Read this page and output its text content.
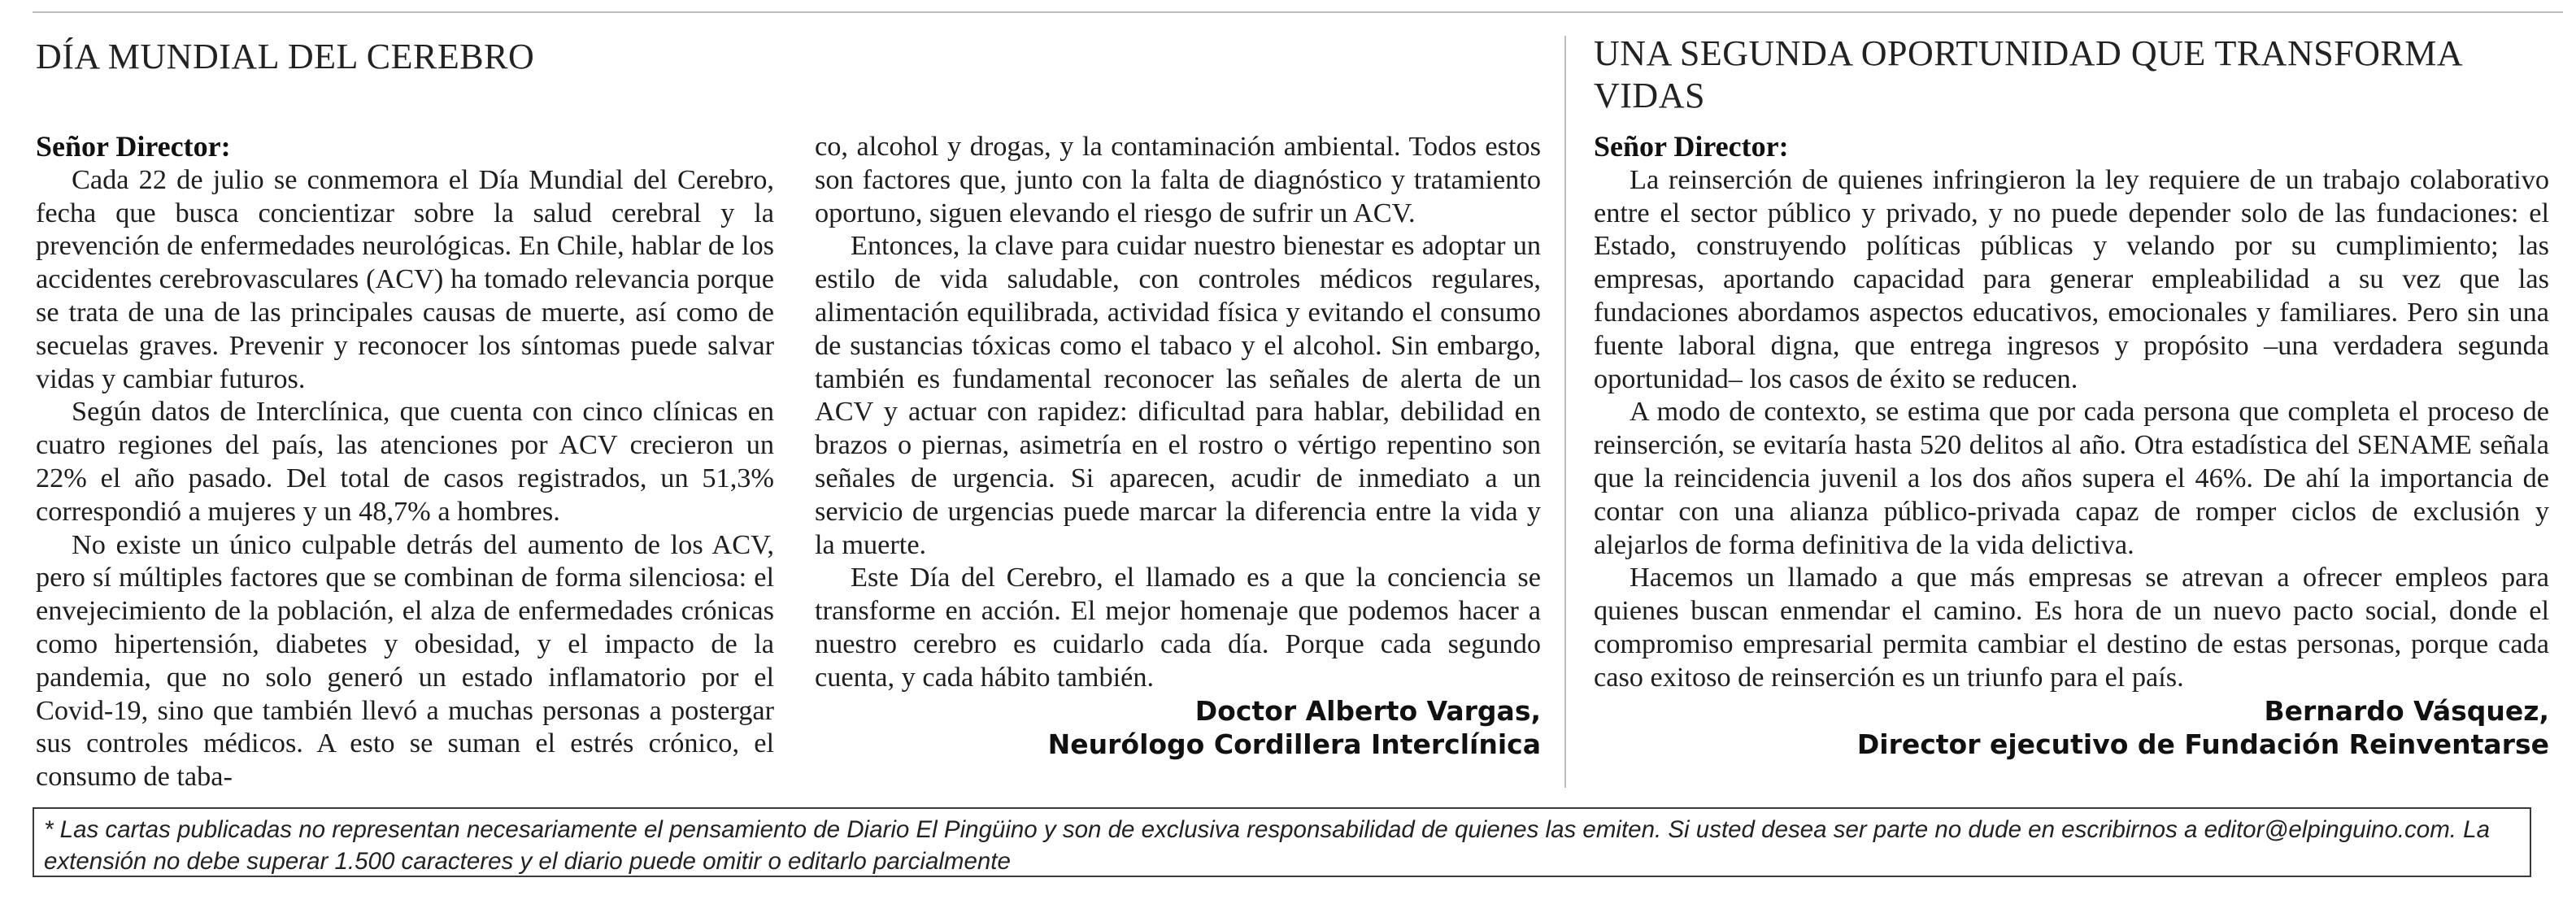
DÍA MUNDIAL DEL CEREBRO
Señor Director:

Cada 22 de julio se conmemora el Día Mundial del Cerebro, fecha que busca concientizar sobre la salud cerebral y la prevención de enfermedades neurológicas. En Chile, hablar de los accidentes cerebrovasculares (ACV) ha tomado relevancia porque se trata de una de las principales causas de muerte, así como de secuelas graves. Prevenir y reconocer los síntomas puede salvar vidas y cambiar futuros.

Según datos de Interclínica, que cuenta con cinco clínicas en cuatro regiones del país, las atenciones por ACV crecieron un 22% el año pasado. Del total de casos registrados, un 51,3% correspondió a mujeres y un 48,7% a hombres.

No existe un único culpable detrás del aumento de los ACV, pero sí múltiples factores que se combinan de forma silenciosa: el envejecimiento de la población, el alza de enfermedades crónicas como hipertensión, diabetes y obesidad, y el impacto de la pandemia, que no solo generó un estado inflamatorio por el Covid-19, sino que también llevó a muchas personas a postergar sus controles médicos. A esto se suman el estrés crónico, el consumo de taba-

co, alcohol y drogas, y la contaminación ambiental. Todos estos son factores que, junto con la falta de diagnóstico y tratamiento oportuno, siguen elevando el riesgo de sufrir un ACV.

Entonces, la clave para cuidar nuestro bienestar es adoptar un estilo de vida saludable, con controles médicos regulares, alimentación equilibrada, actividad física y evitando el consumo de sustancias tóxicas como el tabaco y el alcohol. Sin embargo, también es fundamental reconocer las señales de alerta de un ACV y actuar con rapidez: dificultad para hablar, debilidad en brazos o piernas, asimetría en el rostro o vértigo repentino son señales de urgencia. Si aparecen, acudir de inmediato a un servicio de urgencias puede marcar la diferencia entre la vida y la muerte.

Este Día del Cerebro, el llamado es a que la conciencia se transforme en acción. El mejor homenaje que podemos hacer a nuestro cerebro es cuidarlo cada día. Porque cada segundo cuenta, y cada hábito también.

Doctor Alberto Vargas,
Neurólogo Cordillera Interclínica
UNA SEGUNDA OPORTUNIDAD QUE TRANSFORMA VIDAS
Señor Director:

La reinserción de quienes infringieron la ley requiere de un trabajo colaborativo entre el sector público y privado, y no puede depender solo de las fundaciones: el Estado, construyendo políticas públicas y velando por su cumplimiento; las empresas, aportando capacidad para generar empleabilidad a su vez que las fundaciones abordamos aspectos educativos, emocionales y familiares. Pero sin una fuente laboral digna, que entrega ingresos y propósito –una verdadera segunda oportunidad– los casos de éxito se reducen.

A modo de contexto, se estima que por cada persona que completa el proceso de reinserción, se evitaría hasta 520 delitos al año. Otra estadística del SENAME señala que la reincidencia juvenil a los dos años supera el 46%. De ahí la importancia de contar con una alianza público-privada capaz de romper ciclos de exclusión y alejarlos de forma definitiva de la vida delictiva.

Hacemos un llamado a que más empresas se atrevan a ofrecer empleos para quienes buscan enmendar el camino. Es hora de un nuevo pacto social, donde el compromiso empresarial permita cambiar el destino de estas personas, porque cada caso exitoso de reinserción es un triunfo para el país.

Bernardo Vásquez,
Director ejecutivo de Fundación Reinventarse
* Las cartas publicadas no representan necesariamente el pensamiento de Diario El Pingüino y son de exclusiva responsabilidad de quienes las emiten. Si usted desea ser parte no dude en escribirnos a editor@elpinguino.com. La extensión no debe superar 1.500 caracteres y el diario puede omitir o editarlo parcialmente
